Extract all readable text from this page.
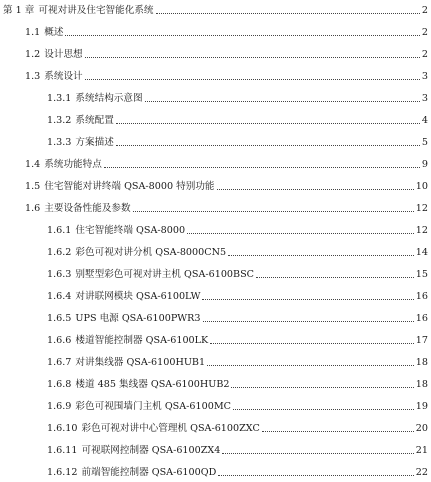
第 1 章 可视对讲及住宅智能化系统	2
1.1 概述	2
1.2 设计思想	2
1.3 系统设计	3
1.3.1 系统结构示意图	3
1.3.2 系统配置	4
1.3.3 方案描述	5
1.4 系统功能特点	9
1.5 住宅智能对讲终端 QSA-8000 特别功能	10
1.6 主要设备性能及参数	12
1.6.1 住宅智能终端 QSA-8000	12
1.6.2 彩色可视对讲分机 QSA-8000CN5	14
1.6.3 别墅型彩色可视对讲主机 QSA-6100BSC	15
1.6.4 对讲联网模块 QSA-6100LW	16
1.6.5 UPS 电源 QSA-6100PWR3	16
1.6.6 楼道智能控制器 QSA-6100LK	17
1.6.7 对讲集线器 QSA-6100HUB1	18
1.6.8 楼道 485 集线器 QSA-6100HUB2	18
1.6.9 彩色可视围墙门主机 QSA-6100MC	19
1.6.10 彩色可视对讲中心管理机 QSA-6100ZXC	20
1.6.11 可视联网控制器 QSA-6100ZX4	21
1.6.12 前端智能控制器 QSA-6100QD	22
